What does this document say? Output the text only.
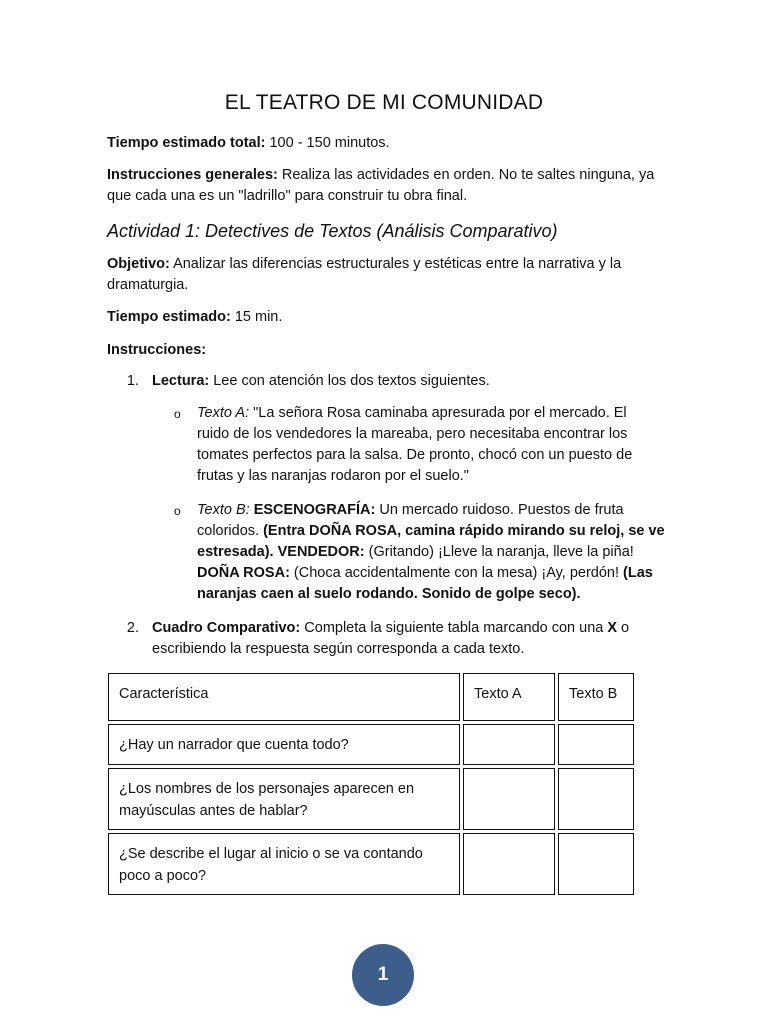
EL TEATRO DE MI COMUNIDAD

Tiempo estimado total: 100 - 150 minutos.

Instrucciones generales: Realiza las actividades en orden. No te saltes ninguna, ya
que cada una es un "ladrillo" para construir tu obra final.

Actividad 1: Detectives de Textos (Análisis Comparativo)

Objetivo: Analizar las diferencias estructurales y estéticas entre la narrativa y la
dramaturgia.

Tiempo estimado: 15 min.

Instrucciones:

1. Lectura: Lee con atención los dos textos siguientes.
o Texto A: "La señora Rosa caminaba apresurada por el mercado. El
ruido de los vendedores la mareaba, pero necesitaba encontrar los
tomates perfectos para la salsa. De pronto, chocó con un puesto de
frutas y las naranjas rodaron por el suelo."
o Texto B: ESCENOGRAFÍA: Un mercado ruidoso. Puestos de fruta
coloridos. (Entra DOÑA ROSA, camina rápido mirando su reloj, se ve
estresada). VENDEDOR: (Gritando) ¡Lleve la naranja, lleve la piña!
DOÑA ROSA: (Choca accidentalmente con la mesa) ¡Ay, perdón! (Las
naranjas caen al suelo rodando. Sonido de golpe seco).
2. Cuadro Comparativo: Completa la siguiente tabla marcando con una X o
escribiendo la respuesta según corresponda a cada texto.
Característica	Texto A	Texto B
¿Hay un narrador que cuenta todo?		
¿Los nombres de los personajes aparecen en
mayúsculas antes de hablar?		
¿Se describe el lugar al inicio o se va contando
poco a poco?		
1
